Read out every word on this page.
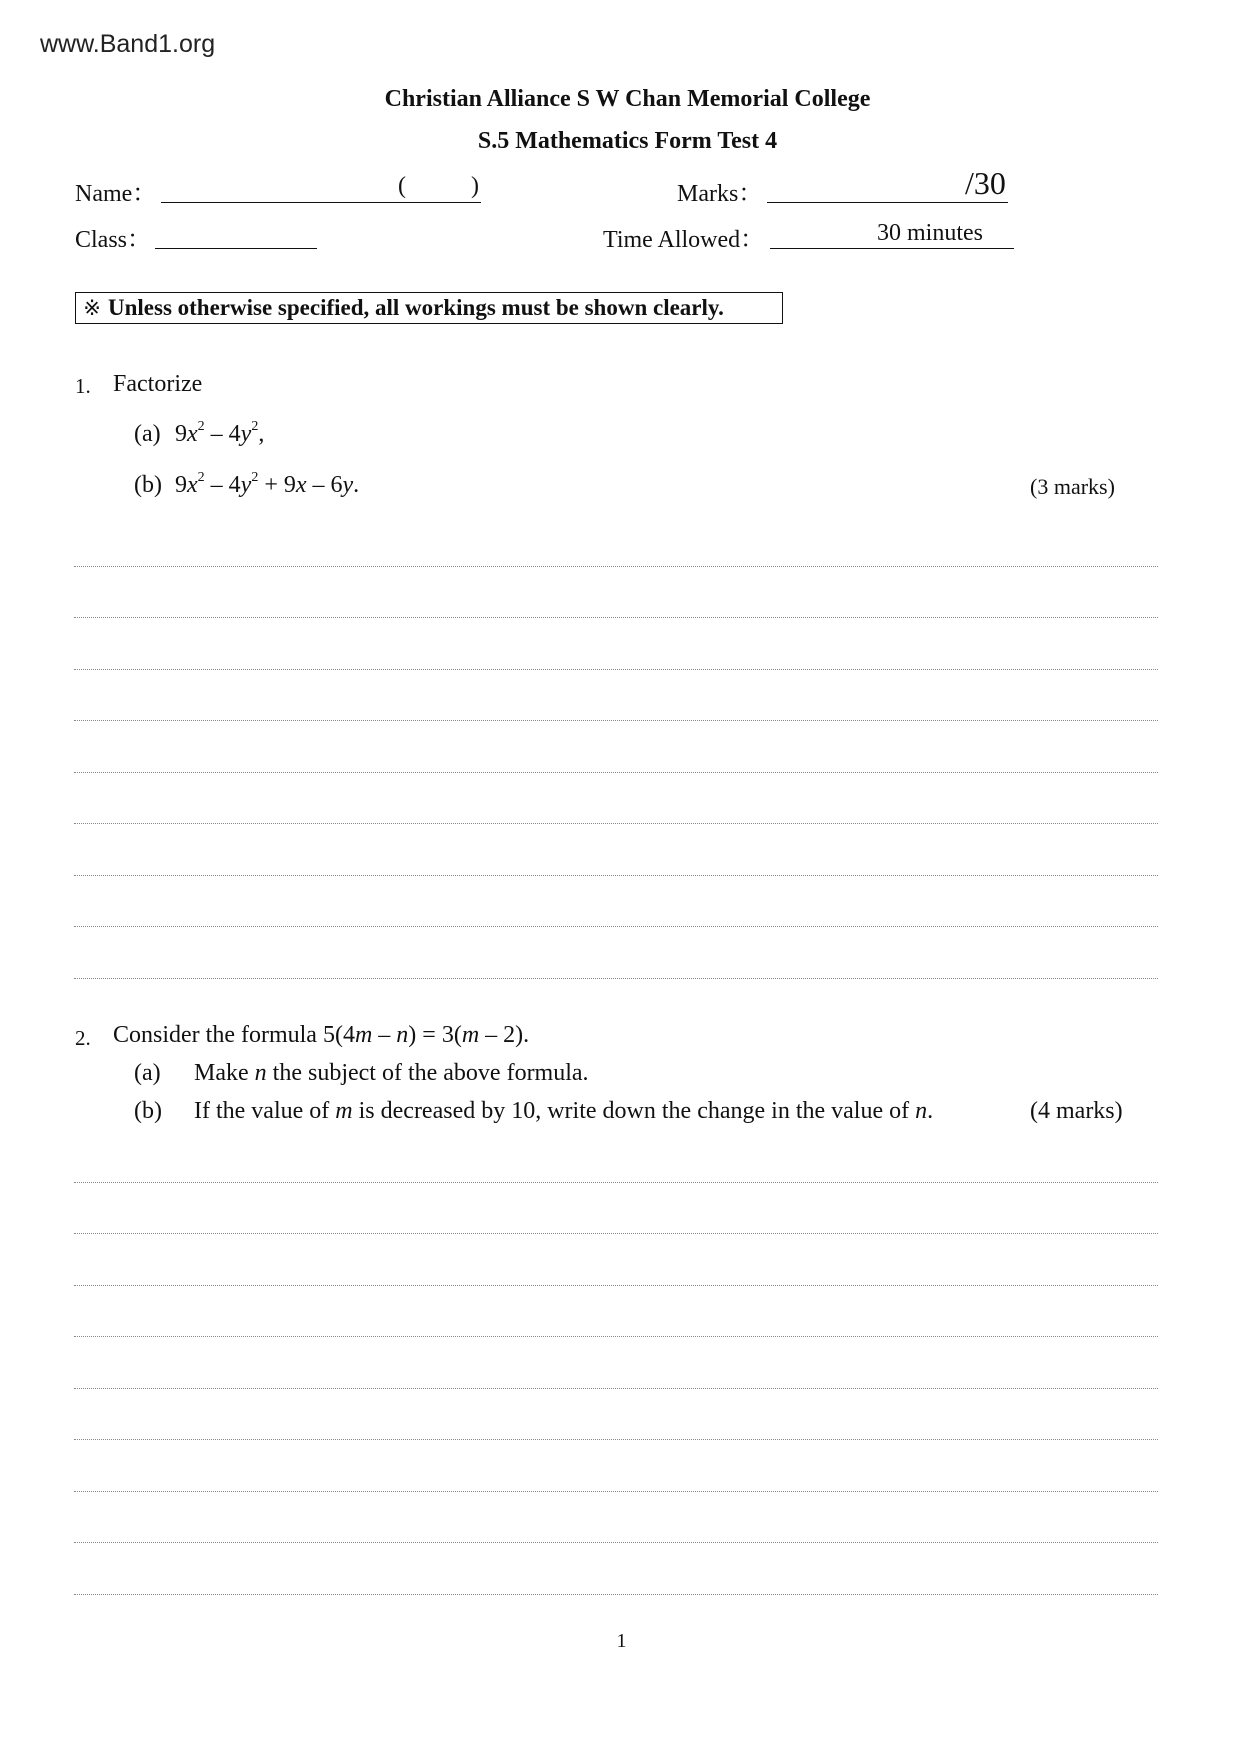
www.Band1.org
Christian Alliance S W Chan Memorial College
S.5 Mathematics Form Test 4
Name：	(	)	Marks：	/30
Class：	Time Allowed：	30 minutes
※ Unless otherwise specified, all workings must be shown clearly.
1. Factorize
(a) $9x^2 - 4y^2$,
(b) $9x^2 - 4y^2 + 9x - 6y$.	(3 marks)
2. Consider the formula 5(4m – n) = 3(m – 2).
(a) Make n the subject of the above formula.
(b) If the value of m is decreased by 10, write down the change in the value of n.	(4 marks)
1
